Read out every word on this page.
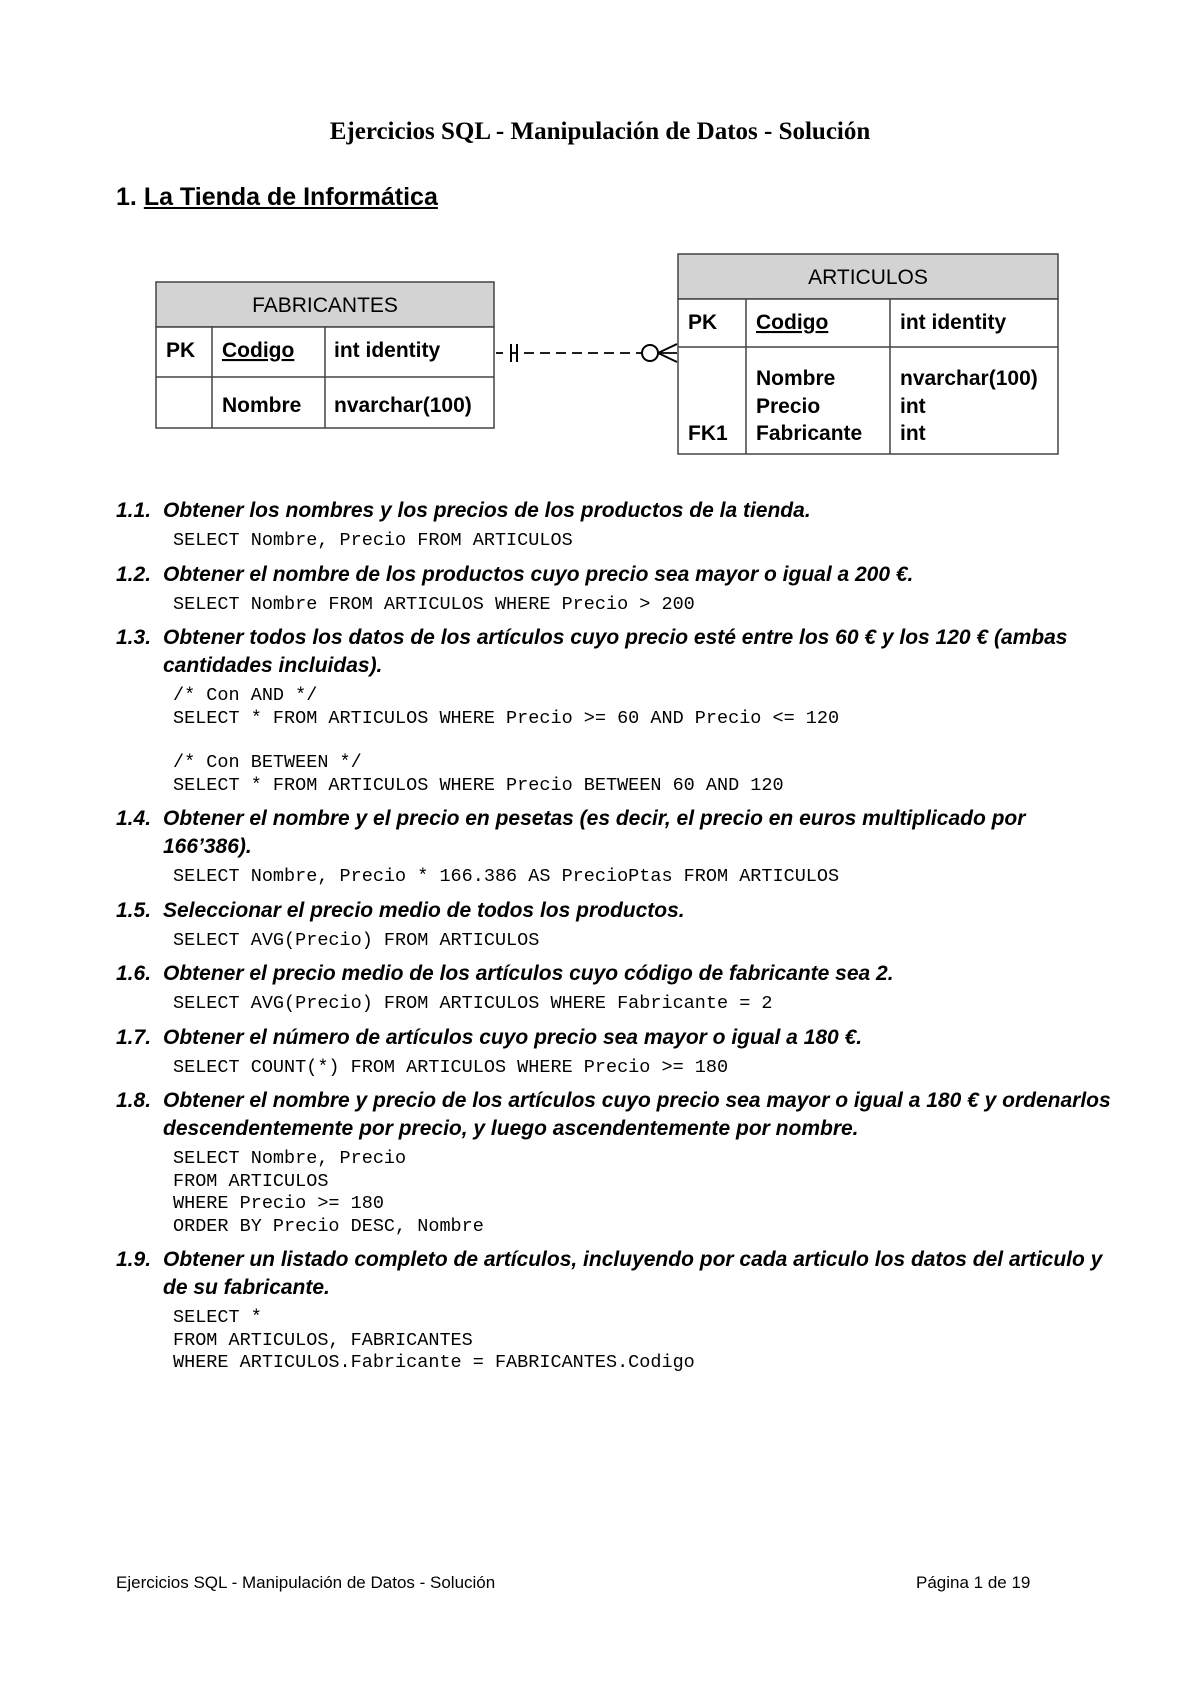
Ejercicios SQL - Manipulación de Datos - Solución
1. La Tienda de Informática
FABRICANTES
PK Codigo int identity
Nombre nvarchar(100)
ARTICULOS
PK Codigo	int identity
Nombre
Precio
Fabricante
nvarchar(100)
int
int
FK1
1.1. Obtener los nombres y los precios de los productos de la tienda.
SELECT Nombre, Precio FROM ARTICULOS
1.2. Obtener el nombre de los productos cuyo precio sea mayor o igual a 200 €.
SELECT Nombre FROM ARTICULOS WHERE Precio > 200
1.3. Obtener todos los datos de los artículos cuyo precio esté entre los 60 € y los 120 € (ambas cantidades incluidas).
/* Con AND */
SELECT * FROM ARTICULOS WHERE Precio >= 60 AND Precio <= 120
/* Con BETWEEN */
SELECT * FROM ARTICULOS WHERE Precio BETWEEN 60 AND 120
1.4. Obtener el nombre y el precio en pesetas (es decir, el precio en euros multiplicado por 166’386).
SELECT Nombre, Precio * 166.386 AS PrecioPtas FROM ARTICULOS
1.5. Seleccionar el precio medio de todos los productos.
SELECT AVG(Precio) FROM ARTICULOS
1.6. Obtener el precio medio de los artículos cuyo código de fabricante sea 2.
SELECT AVG(Precio) FROM ARTICULOS WHERE Fabricante = 2
1.7. Obtener el número de artículos cuyo precio sea mayor o igual a 180 €.
SELECT COUNT(*) FROM ARTICULOS WHERE Precio >= 180
1.8. Obtener el nombre y precio de los artículos cuyo precio sea mayor o igual a 180 € y ordenarlos descendentemente por precio, y luego ascendentemente por nombre.
SELECT Nombre, Precio
FROM ARTICULOS
WHERE Precio >= 180
ORDER BY Precio DESC, Nombre
1.9. Obtener un listado completo de artículos, incluyendo por cada articulo los datos del articulo y de su fabricante.
SELECT *
FROM ARTICULOS, FABRICANTES
WHERE ARTICULOS.Fabricante = FABRICANTES.Codigo
Ejercicios SQL - Manipulación de Datos - Solución	Página 1 de 19
